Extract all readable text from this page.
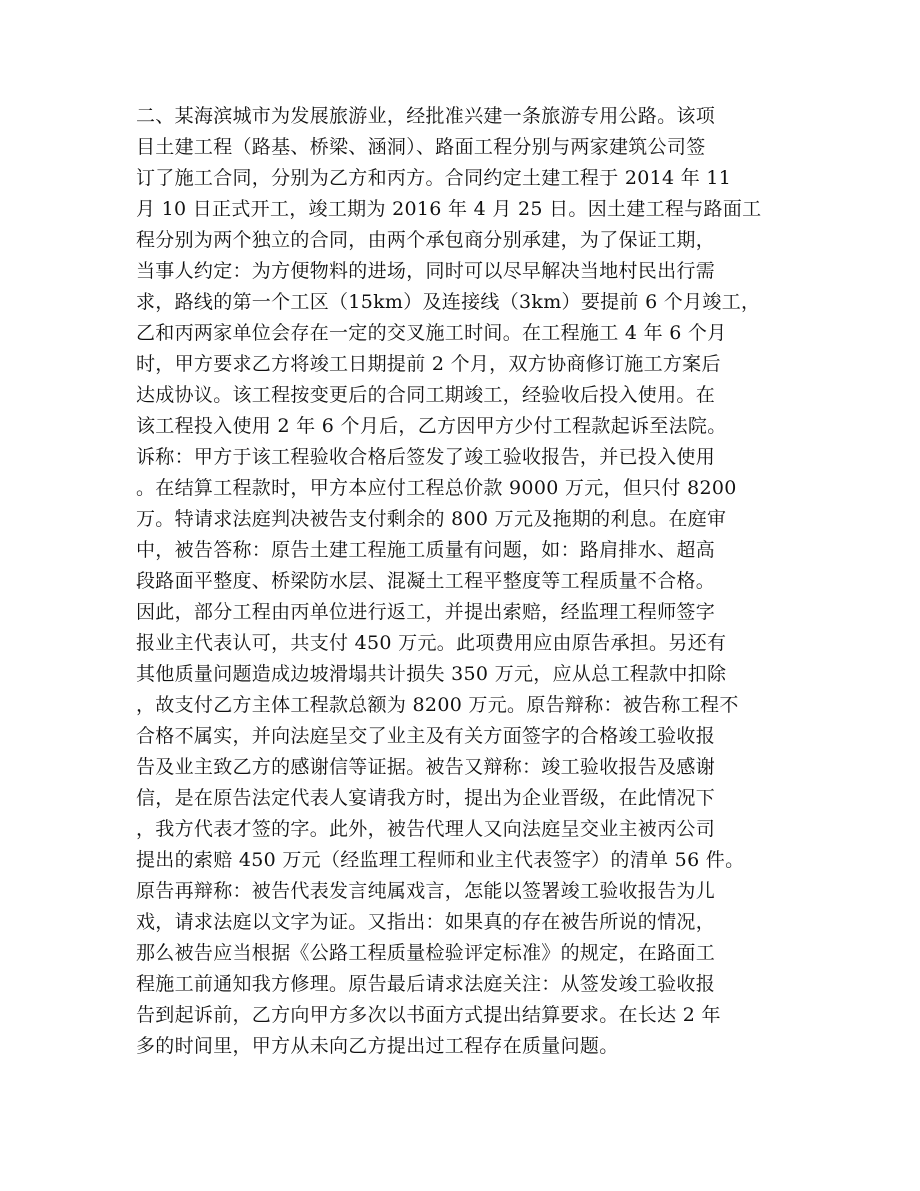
二、某海滨城市为发展旅游业，经批准兴建一条旅游专用公路。该项
目土建工程（路基、桥梁、涵洞）、路面工程分别与两家建筑公司签
订了施工合同，分别为乙方和丙方。合同约定土建工程于 2014 年 11
月 10 日正式开工，竣工期为 2016 年 4 月 25 日。因土建工程与路面工
程分别为两个独立的合同，由两个承包商分别承建，为了保证工期，
当事人约定：为方便物料的进场，同时可以尽早解决当地村民出行需
求，路线的第一个工区（15km）及连接线（3km）要提前 6 个月竣工，
乙和丙两家单位会存在一定的交叉施工时间。在工程施工 4 年 6 个月
时，甲方要求乙方将竣工日期提前 2 个月，双方协商修订施工方案后
达成协议。该工程按变更后的合同工期竣工，经验收后投入使用。在
该工程投入使用 2 年 6 个月后，乙方因甲方少付工程款起诉至法院。
诉称：甲方于该工程验收合格后签发了竣工验收报告，并已投入使用
。在结算工程款时，甲方本应付工程总价款 9000 万元，但只付 8200
万。特请求法庭判决被告支付剩余的 800 万元及拖期的利息。在庭审
中，被告答称：原告土建工程施工质量有问题，如：路肩排水、超高
段路面平整度、桥梁防水层、混凝土工程平整度等工程质量不合格。
因此，部分工程由丙单位进行返工，并提出索赔，经监理工程师签字
报业主代表认可，共支付 450 万元。此项费用应由原告承担。另还有
其他质量问题造成边坡滑塌共计损失 350 万元，应从总工程款中扣除
，故支付乙方主体工程款总额为 8200 万元。原告辩称：被告称工程不
合格不属实，并向法庭呈交了业主及有关方面签字的合格竣工验收报
告及业主致乙方的感谢信等证据。被告又辩称：竣工验收报告及感谢
信，是在原告法定代表人宴请我方时，提出为企业晋级，在此情况下
，我方代表才签的字。此外，被告代理人又向法庭呈交业主被丙公司
提出的索赔 450 万元（经监理工程师和业主代表签字）的清单 56 件。
原告再辩称：被告代表发言纯属戏言，怎能以签署竣工验收报告为儿
戏，请求法庭以文字为证。又指出：如果真的存在被告所说的情况，
那么被告应当根据《公路工程质量检验评定标准》的规定，在路面工
程施工前通知我方修理。原告最后请求法庭关注：从签发竣工验收报
告到起诉前，乙方向甲方多次以书面方式提出结算要求。在长达 2 年
多的时间里，甲方从未向乙方提出过工程存在质量问题。
